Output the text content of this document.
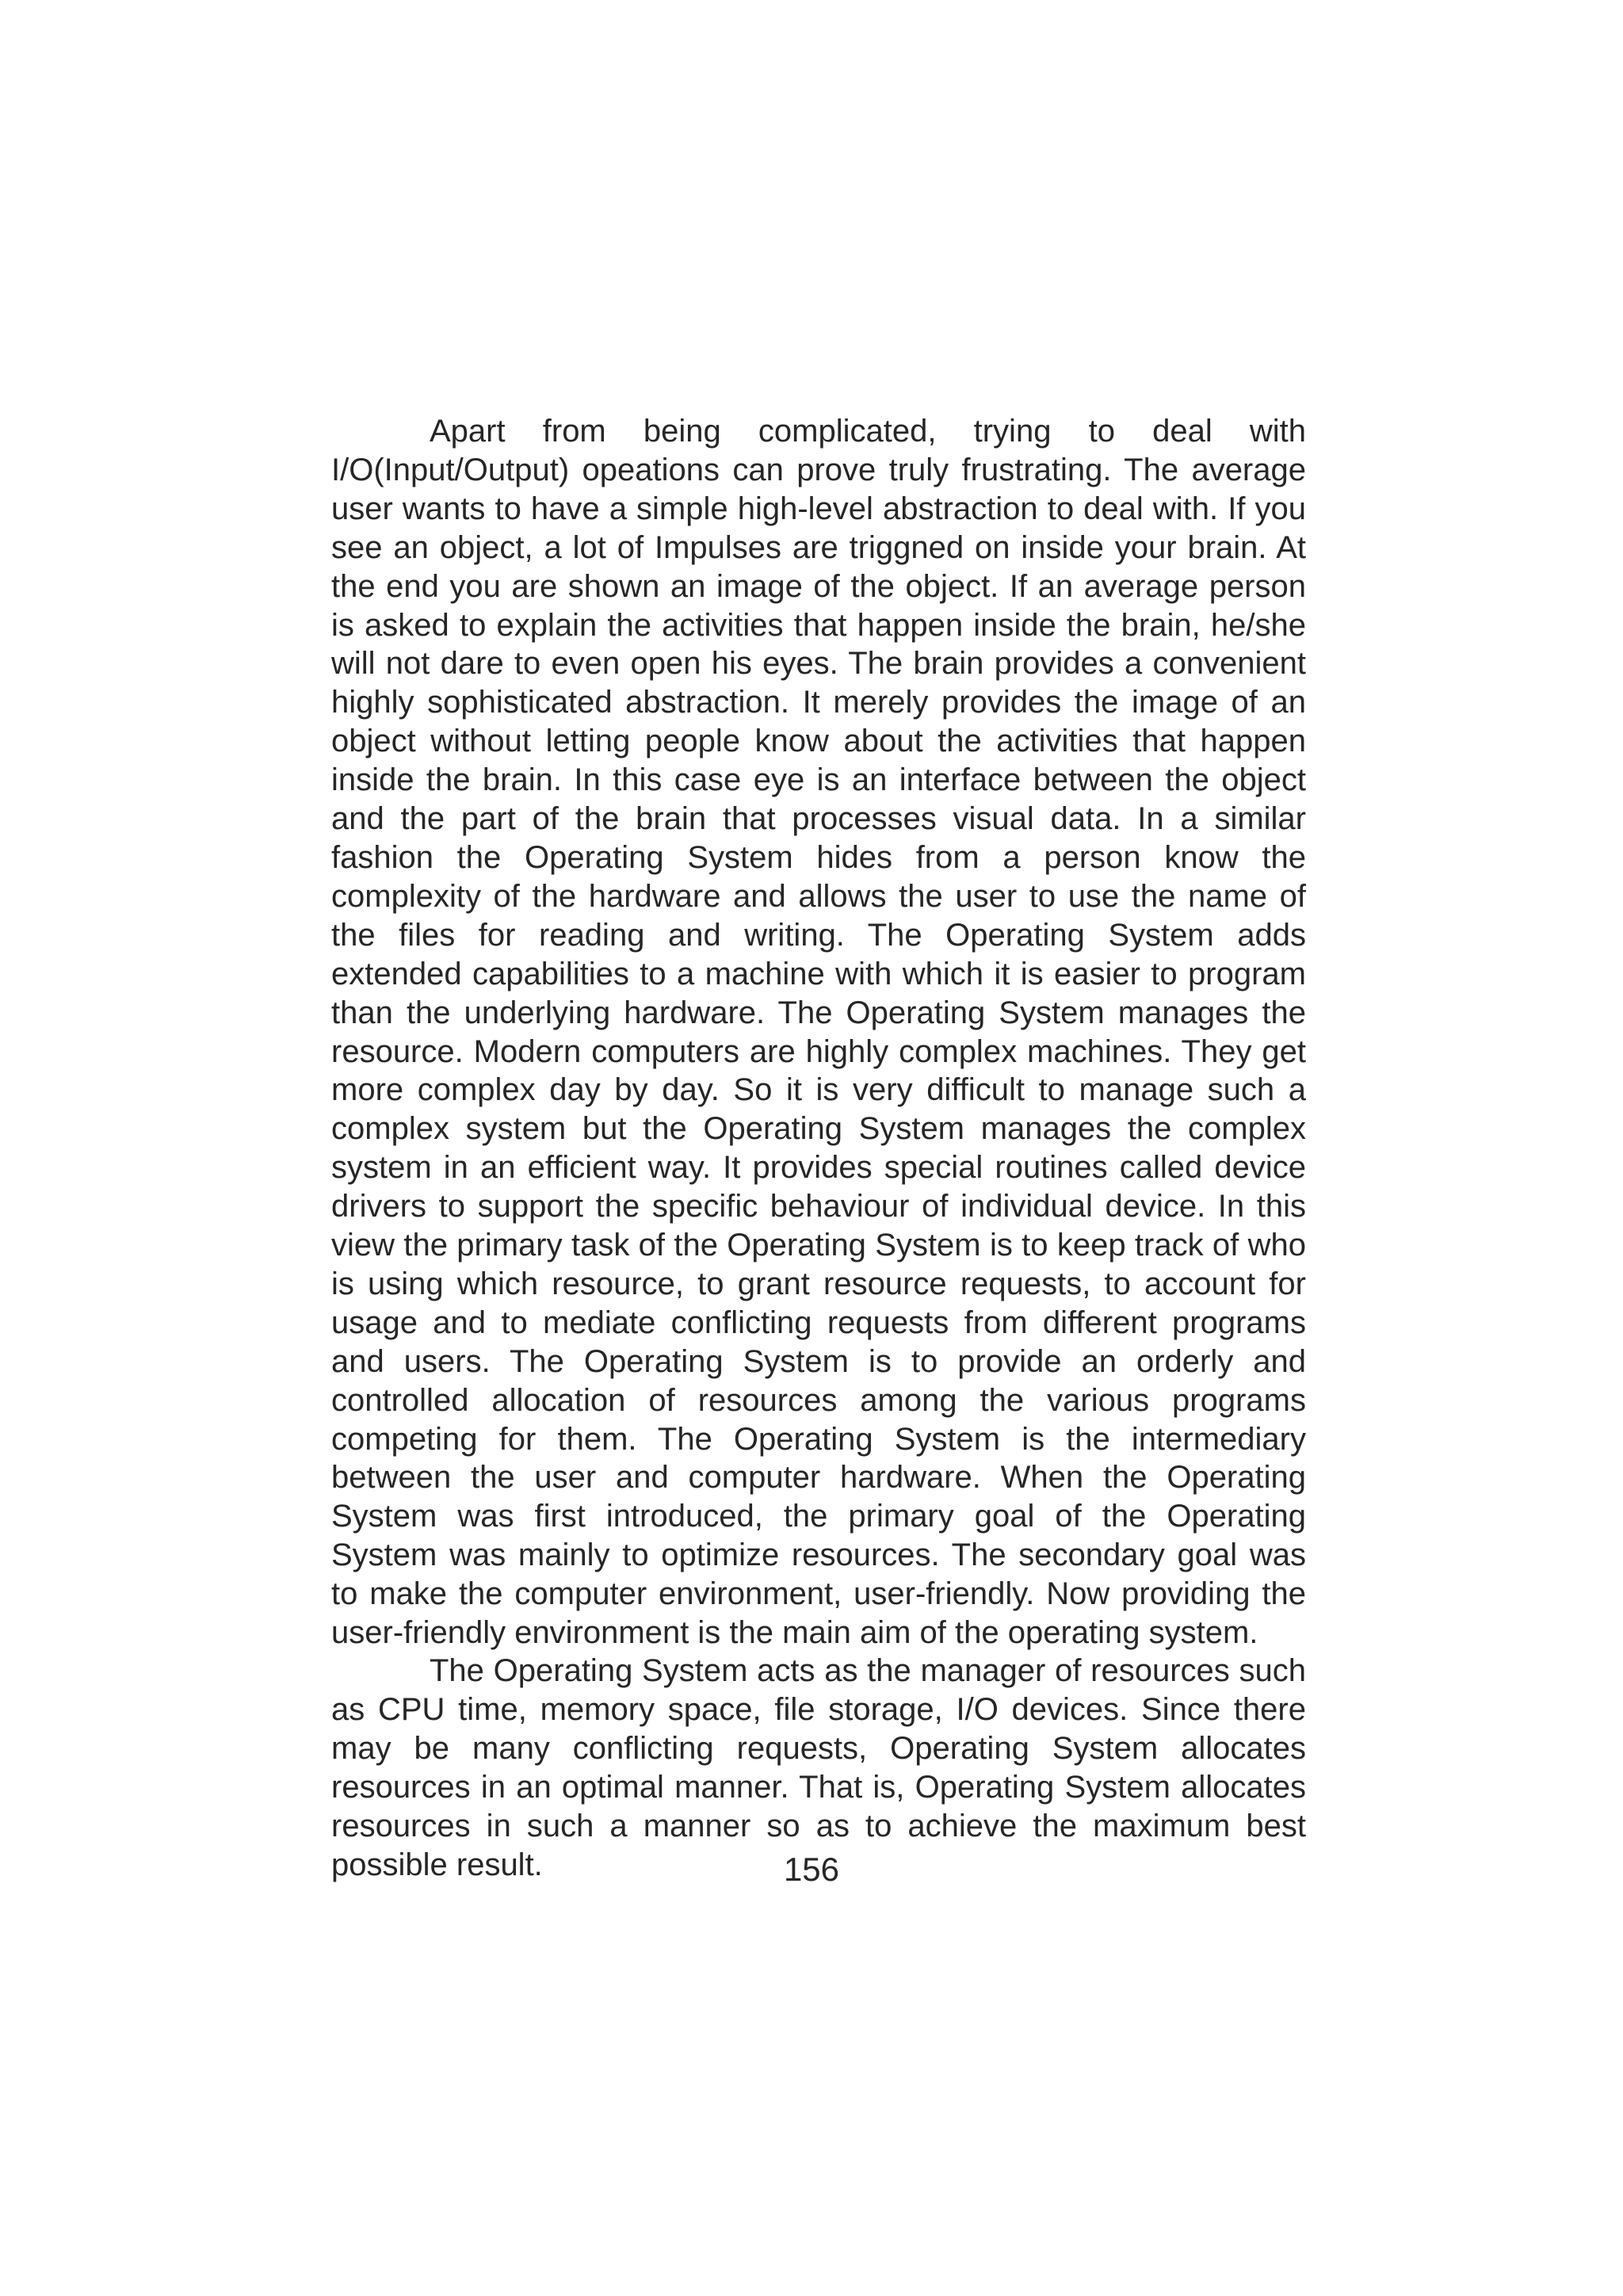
Apart from being complicated, trying to deal with I/O(Input/Output) opeations can prove truly frustrating. The average user wants to have a simple high-level abstraction to deal with. If you see an object, a lot of Impulses are triggned on inside your brain. At the end you are shown an image of the object. If an average person is asked to explain the activities that happen inside the brain, he/she will not dare to even open his eyes. The brain provides a convenient highly sophisticated abstraction. It merely provides the image of an object without letting people know about the activities that happen inside the brain. In this case eye is an interface between the object and the part of the brain that processes visual data. In a similar fashion the Operating System hides from a person know the complexity of the hardware and allows the user to use the name of the files for reading and writing. The Operating System adds extended capabilities to a machine with which it is easier to program than the underlying hardware. The Operating System manages the resource. Modern computers are highly complex machines. They get more complex day by day. So it is very difficult to manage such a complex system but the Operating System manages the complex system in an efficient way. It provides special routines called device drivers to support the specific behaviour of individual device. In this view the primary task of the Operating System is to keep track of who is using which resource, to grant resource requests, to account for usage and to mediate conflicting requests from different programs and users. The Operating System is to provide an orderly and controlled allocation of resources among the various programs competing for them. The Operating System is the intermediary between the user and computer hardware. When the Operating System was first introduced, the primary goal of the Operating System was mainly to optimize resources. The secondary goal was to make the computer environment, user-friendly. Now providing the user-friendly environment is the main aim of the operating system.

The Operating System acts as the manager of resources such as CPU time, memory space, file storage, I/O devices. Since there may be many conflicting requests, Operating System allocates resources in an optimal manner. That is, Operating System allocates resources in such a manner so as to achieve the maximum best possible result.	156
